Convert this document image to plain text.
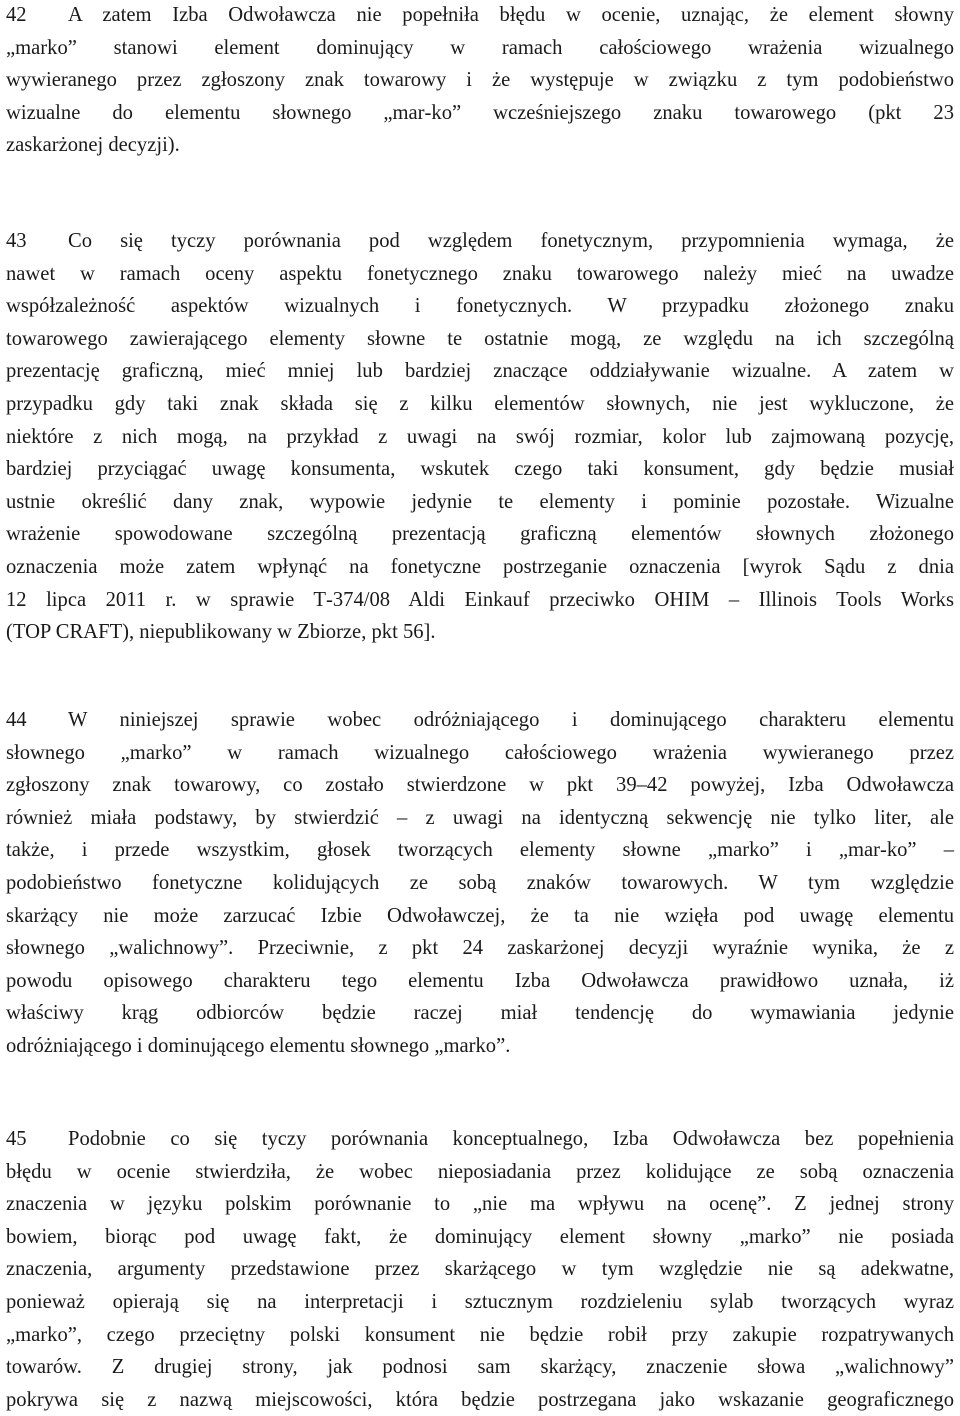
42 A zatem Izba Odwoławcza nie popełniła błędu w ocenie, uznając, że element słowny
„marko” stanowi element dominujący w ramach całościowego wrażenia wizualnego
wywieranego przez zgłoszony znak towarowy i że występuje w związku z tym podobieństwo
wizualne do elementu słownego „mar‑ko” wcześniejszego znaku towarowego (pkt 23
zaskarżonej decyzji).
43 Co się tyczy porównania pod względem fonetycznym, przypomnienia wymaga, że
nawet w ramach oceny aspektu fonetycznego znaku towarowego należy mieć na uwadze
współzależność aspektów wizualnych i fonetycznych. W przypadku złożonego znaku
towarowego zawierającego elementy słowne te ostatnie mogą, ze względu na ich szczególną
prezentację graficzną, mieć mniej lub bardziej znaczące oddziaływanie wizualne. A zatem w
przypadku gdy taki znak składa się z kilku elementów słownych, nie jest wykluczone, że
niektóre z nich mogą, na przykład z uwagi na swój rozmiar, kolor lub zajmowaną pozycję,
bardziej przyciągać uwagę konsumenta, wskutek czego taki konsument, gdy będzie musiał
ustnie określić dany znak, wypowie jedynie te elementy i pominie pozostałe. Wizualne
wrażenie spowodowane szczególną prezentacją graficzną elementów słownych złożonego
oznaczenia może zatem wpłynąć na fonetyczne postrzeganie oznaczenia [wyrok Sądu z dnia
12 lipca 2011 r. w sprawie T‑374/08 Aldi Einkauf przeciwko OHIM – Illinois Tools Works
(TOP CRAFT), niepublikowany w Zbiorze, pkt 56].
44 W niniejszej sprawie wobec odróżniającego i dominującego charakteru elementu
słownego „marko” w ramach wizualnego całościowego wrażenia wywieranego przez
zgłoszony znak towarowy, co zostało stwierdzone w pkt 39–42 powyżej, Izba Odwoławcza
również miała podstawy, by stwierdzić – z uwagi na identyczną sekwencję nie tylko liter, ale
także, i przede wszystkim, głosek tworzących elementy słowne „marko” i „mar‑ko” –
podobieństwo fonetyczne kolidujących ze sobą znaków towarowych. W tym względzie
skarżący nie może zarzucać Izbie Odwoławczej, że ta nie wzięła pod uwagę elementu
słownego „walichnowy”. Przeciwnie, z pkt 24 zaskarżonej decyzji wyraźnie wynika, że z
powodu opisowego charakteru tego elementu Izba Odwoławcza prawidłowo uznała, iż
właściwy krąg odbiorców będzie raczej miał tendencję do wymawiania jedynie
odróżniającego i dominującego elementu słownego „marko”.
45 Podobnie co się tyczy porównania konceptualnego, Izba Odwoławcza bez popełnienia
błędu w ocenie stwierdziła, że wobec nieposiadania przez kolidujące ze sobą oznaczenia
znaczenia w języku polskim porównanie to „nie ma wpływu na ocenę”. Z jednej strony
bowiem, biorąc pod uwagę fakt, że dominujący element słowny „marko” nie posiada
znaczenia, argumenty przedstawione przez skarżącego w tym względzie nie są adekwatne,
ponieważ opierają się na interpretacji i sztucznym rozdzieleniu sylab tworzących wyraz
„marko”, czego przeciętny polski konsument nie będzie robił przy zakupie rozpatrywanych
towarów. Z drugiej strony, jak podnosi sam skarżący, znaczenie słowa „walichnowy”
pokrywa się z nazwą miejscowości, która będzie postrzegana jako wskazanie geograficznego
